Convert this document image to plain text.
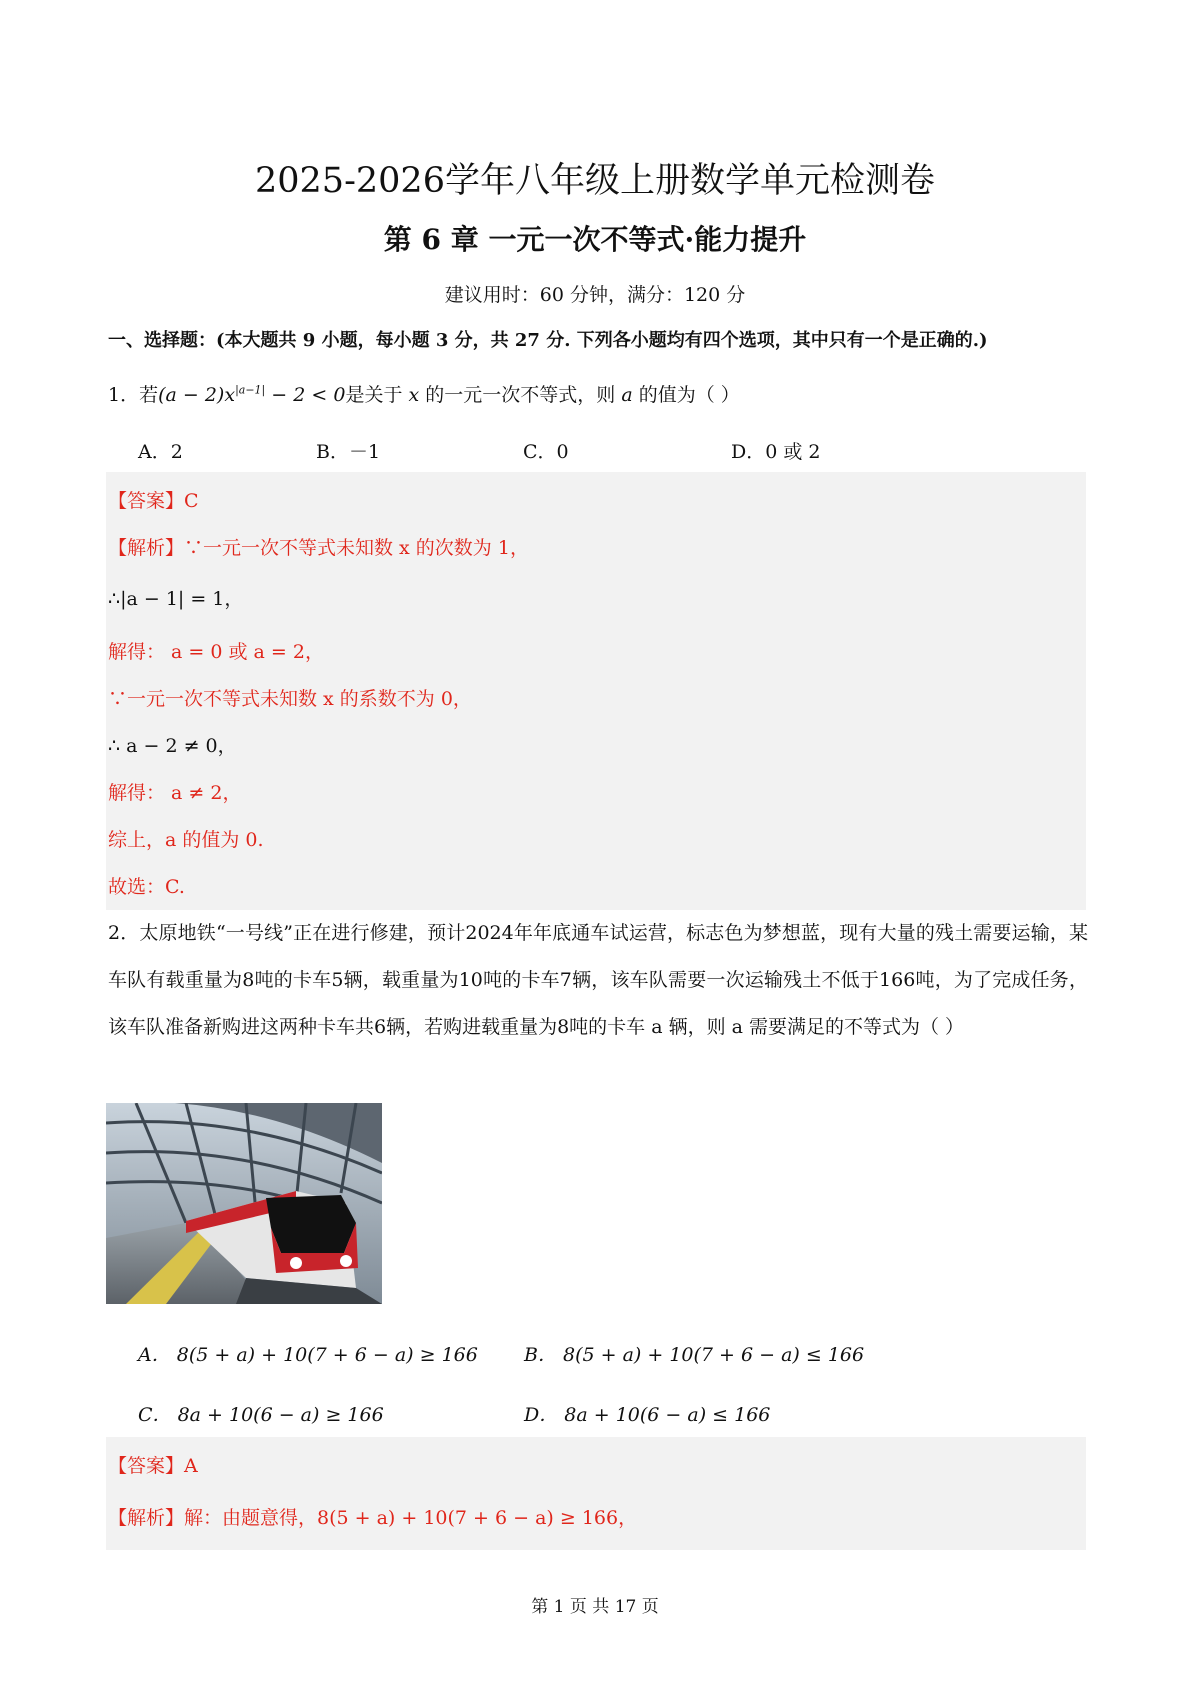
2025-2026学年八年级上册数学单元检测卷
第 6 章 一元一次不等式·能力提升
建议用时：60 分钟，满分：120 分
一、选择题：(本大题共 9 小题，每小题 3 分，共 27 分. 下列各小题均有四个选项，其中只有一个是正确的.)
1．若$(a - 2)x^{|a-1|} - 2 < 0$是关于 x 的一元一次不等式，则 a 的值为（ ）
A．2	B．－1	C．0	D．0 或 2
【答案】C
【解析】∵一元一次不等式未知数 x 的次数为 1，
∴|a − 1| = 1，
解得： a = 0 或 a = 2，
∵一元一次不等式未知数 x 的系数不为 0，
∴ a − 2 ≠ 0，
解得： a ≠ 2，
综上，a 的值为 0.
故选：C.
2．太原地铁“一号线”正在进行修建，预计2024年年底通车试运营，标志色为梦想蓝，现有大量的残土需要运输，某车队有载重量为8吨的卡车5辆，载重量为10吨的卡车7辆，该车队需要一次运输残土不低于166吨，为了完成任务，该车队准备新购进这两种卡车共6辆，若购进载重量为8吨的卡车 a 辆，则 a 需要满足的不等式为（ ）
A． 8(5 + a) + 10(7 + 6 − a) ≥ 166 B． 8(5 + a) + 10(7 + 6 − a) ≤ 166
C． 8a + 10(6 − a) ≥ 166	D． 8a + 10(6 − a) ≤ 166
【答案】A
【解析】解：由题意得，8(5 + a) + 10(7 + 6 − a) ≥ 166，
第 1 页 共 17 页
